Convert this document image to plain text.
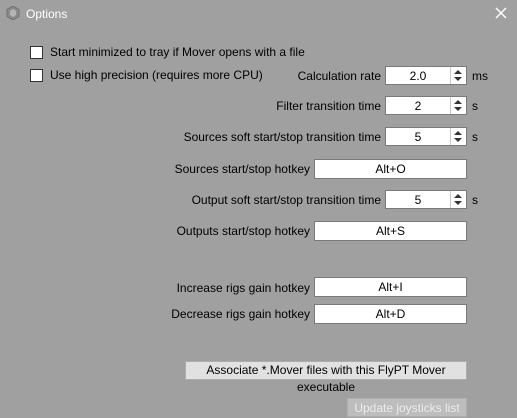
Options
Start minimized to tray if Mover opens with a file
Use high precision (requires more CPU)	Calculation rate	2.0	ms
Filter transition time	2	s
Sources soft start/stop transition time	5	s
Sources start/stop hotkey	Alt+O
Output soft start/stop transition time	5	s
Outputs start/stop hotkey	Alt+S
Increase rigs gain hotkey	Alt+I
Decrease rigs gain hotkey	Alt+D
Associate *.Mover files with this FlyPT Mover executable
Update joysticks list
